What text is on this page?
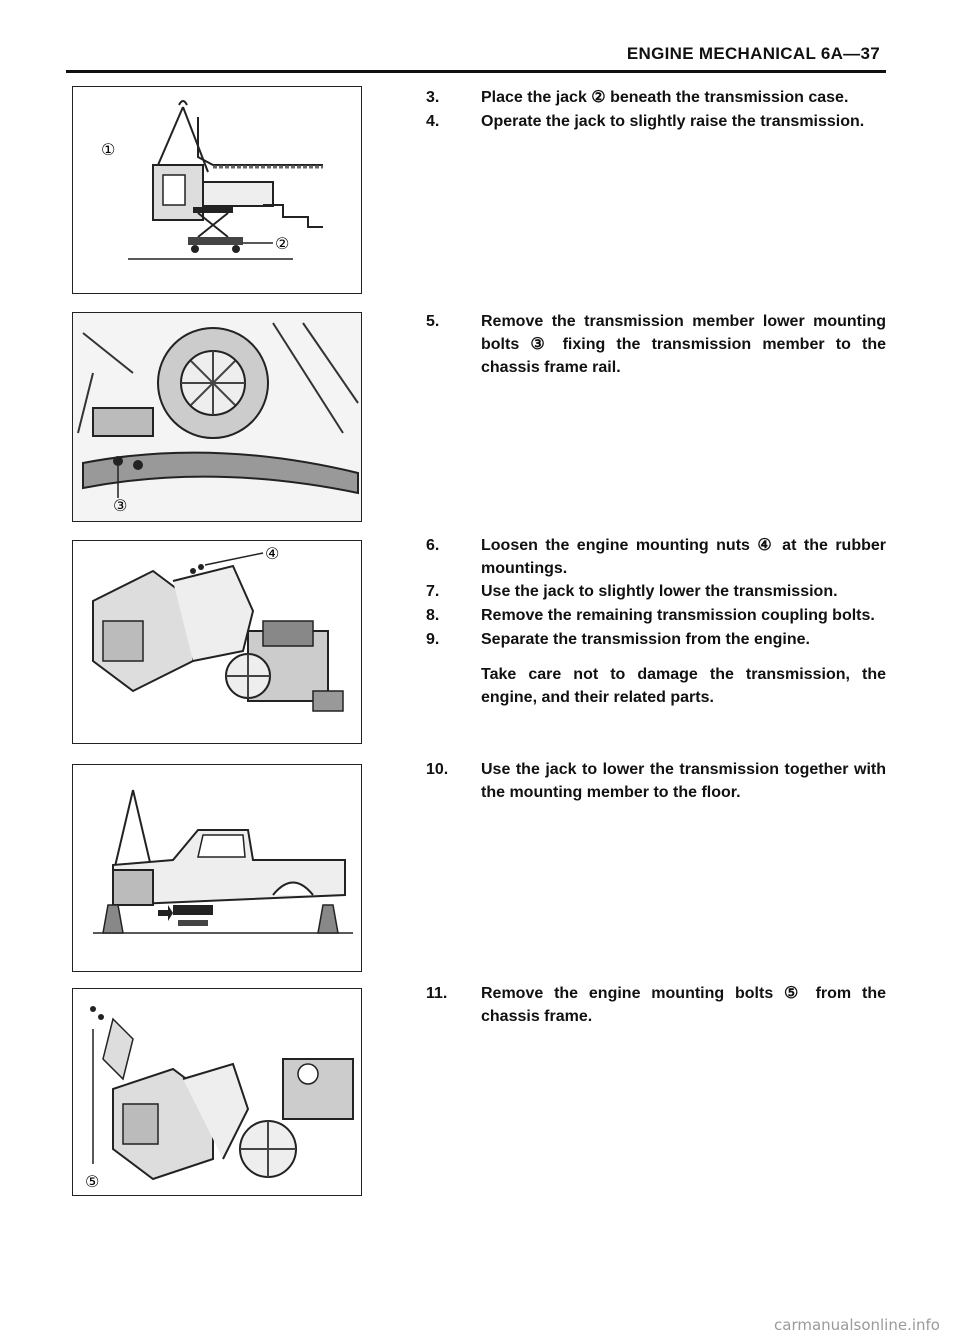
ENGINE MECHANICAL 6A—37
①
②
③
④
⑤
3.	Place the jack ② beneath the transmission case.
4.	Operate the jack to slightly raise the transmission.
5.	Remove the transmission member lower mounting bolts ③ fixing the transmission member to the chassis frame rail.
6.	Loosen the engine mounting nuts ④ at the rubber mountings.
7.	Use the jack to slightly lower the transmission.
8.	Remove the remaining transmission coupling bolts.
9.	Separate the transmission from the engine.
Take care not to damage the transmission, the engine, and their related parts.
10.	Use the jack to lower the transmission together with the mounting member to the floor.
11.	Remove the engine mounting bolts ⑤ from the chassis frame.
carmanualsonline.info
